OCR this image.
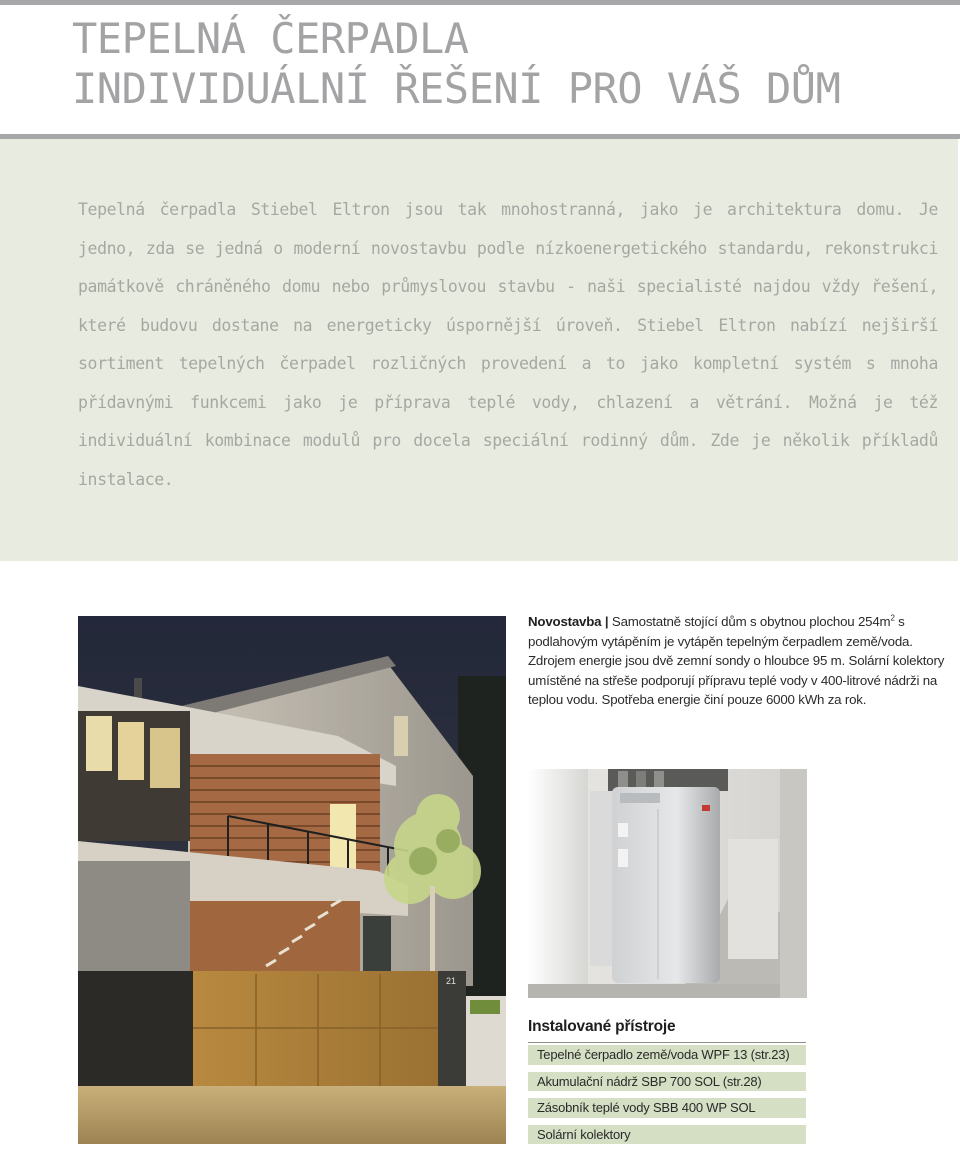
TEPELNÁ ČERPADLA
INDIVIDUÁLNÍ ŘEŠENÍ PRO VÁŠ DŮM
Tepelná čerpadla Stiebel Eltron jsou tak mnohostranná, jako je architektura domu. Je jedno, zda se jedná o moderní novostavbu podle nízkoenergetického standardu, rekonstrukci památkově chráněného domu nebo průmyslovou stavbu - naši specialisté najdou vždy řešení, které budovu dostane na energeticky úspornější úroveň. Stiebel Eltron nabízí nejširší sortiment tepelných čerpadel rozličných provedení a to jako kompletní systém s mnoha přídavnými funkcemi jako je příprava teplé vody, chlazení a větrání. Možná je též individuální kombinace modulů pro docela speciální rodinný dům. Zde je několik příkladů instalace.
21
Novostavba | Samostatně stojící dům s obytnou plochou $254m^2$ s podlahovým vytápěním je vytápěn tepelným čerpadlem země/voda. Zdrojem energie jsou dvě zemní sondy o hloubce 95 m. Solární kolektory umístěné na střeše podporují přípravu teplé vody v 400-litrové nádrži na teplou vodu. Spotřeba energie činí pouze 6000 kWh za rok.
Instalované přístroje
Tepelné čerpadlo země/voda WPF 13 (str.23)
Akumulační nádrž SBP 700 SOL (str.28)
Zásobník teplé vody SBB 400 WP SOL
Solární kolektory
